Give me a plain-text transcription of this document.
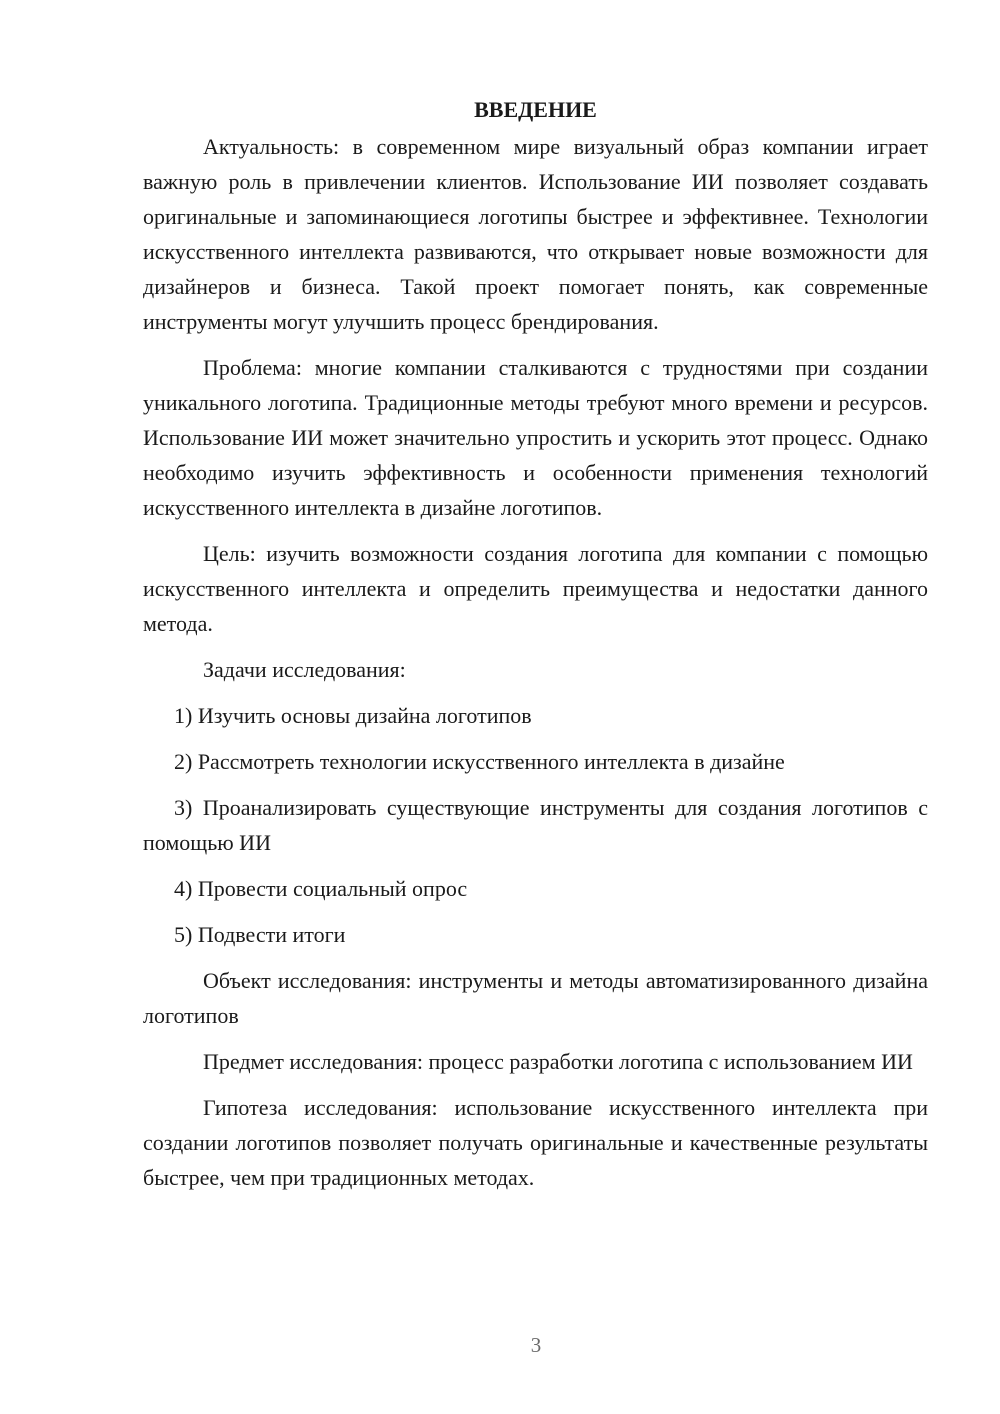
ВВЕДЕНИЕ

Актуальность: в современном мире визуальный образ компании играет важную роль в привлечении клиентов. Использование ИИ позволяет создавать оригинальные и запоминающиеся логотипы быстрее и эффективнее. Технологии искусственного интеллекта развиваются, что открывает новые возможности для дизайнеров и бизнеса. Такой проект помогает понять, как современные инструменты могут улучшить процесс брендирования.

Проблема: многие компании сталкиваются с трудностями при создании уникального логотипа. Традиционные методы требуют много времени и ресурсов. Использование ИИ может значительно упростить и ускорить этот процесс. Однако необходимо изучить эффективность и особенности применения технологий искусственного интеллекта в дизайне логотипов.

Цель: изучить возможности создания логотипа для компании с помощью искусственного интеллекта и определить преимущества и недостатки данного метода.

Задачи исследования:

1) Изучить основы дизайна логотипов

2) Рассмотреть технологии искусственного интеллекта в дизайне

3) Проанализировать существующие инструменты для создания логотипов с помощью ИИ

4) Провести социальный опрос

5) Подвести итоги

Объект исследования: инструменты и методы автоматизированного дизайна логотипов

Предмет исследования: процесс разработки логотипа с использованием ИИ

Гипотеза исследования: использование искусственного интеллекта при создании логотипов позволяет получать оригинальные и качественные результаты быстрее, чем при традиционных методах.

3
